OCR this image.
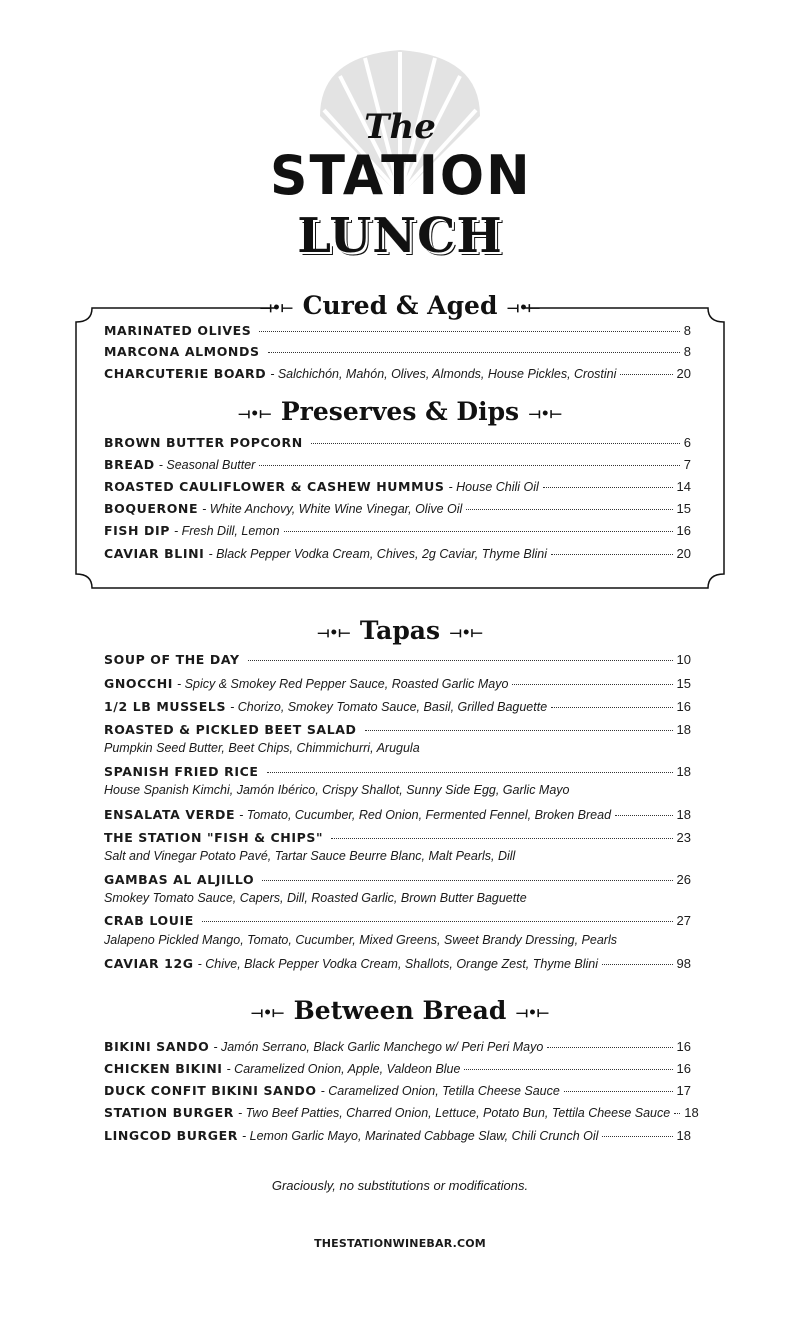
The
STATION
LUNCH
⟞•⟝ Cured & Aged ⟞•⟝
MARINATED OLIVES	8
MARCONA ALMONDS	8
CHARCUTERIE BOARD - Salchichón, Mahón, Olives, Almonds, House Pickles, Crostini	20
⟞•⟝ Preserves & Dips ⟞•⟝
BROWN BUTTER POPCORN	6
BREAD - Seasonal Butter	7
ROASTED CAULIFLOWER & CASHEW HUMMUS - House Chili Oil	14
BOQUERONE - White Anchovy, White Wine Vinegar, Olive Oil	15
FISH DIP - Fresh Dill, Lemon	16
CAVIAR BLINI - Black Pepper Vodka Cream, Chives, 2g Caviar, Thyme Blini	20
⟞•⟝ Tapas ⟞•⟝
SOUP OF THE DAY	10
GNOCCHI - Spicy & Smokey Red Pepper Sauce, Roasted Garlic Mayo	15
1/2 LB MUSSELS - Chorizo, Smokey Tomato Sauce, Basil, Grilled Baguette	16
ROASTED & PICKLED BEET SALAD	18
Pumpkin Seed Butter, Beet Chips, Chimmichurri, Arugula
SPANISH FRIED RICE	18
House Spanish Kimchi, Jamón Ibérico, Crispy Shallot, Sunny Side Egg, Garlic Mayo
ENSALATA VERDE - Tomato, Cucumber, Red Onion, Fermented Fennel, Broken Bread	18
THE STATION "FISH & CHIPS"	23
Salt and Vinegar Potato Pavé, Tartar Sauce Beurre Blanc, Malt Pearls, Dill
GAMBAS AL ALJILLO	26
Smokey Tomato Sauce, Capers, Dill, Roasted Garlic, Brown Butter Baguette
CRAB LOUIE	27
Jalapeno Pickled Mango, Tomato, Cucumber, Mixed Greens, Sweet Brandy Dressing, Pearls
CAVIAR 12G - Chive, Black Pepper Vodka Cream, Shallots, Orange Zest, Thyme Blini	98
⟞•⟝ Between Bread ⟞•⟝
BIKINI SANDO - Jamón Serrano, Black Garlic Manchego w/ Peri Peri Mayo	16
CHICKEN BIKINI - Caramelized Onion, Apple, Valdeon Blue	16
DUCK CONFIT BIKINI SANDO - Caramelized Onion, Tetilla Cheese Sauce	17
STATION BURGER - Two Beef Patties, Charred Onion, Lettuce, Potato Bun, Tettila Cheese Sauce 18
LINGCOD BURGER - Lemon Garlic Mayo, Marinated Cabbage Slaw, Chili Crunch Oil	18
Graciously, no substitutions or modifications.
THESTATIONWINEBAR.COM
